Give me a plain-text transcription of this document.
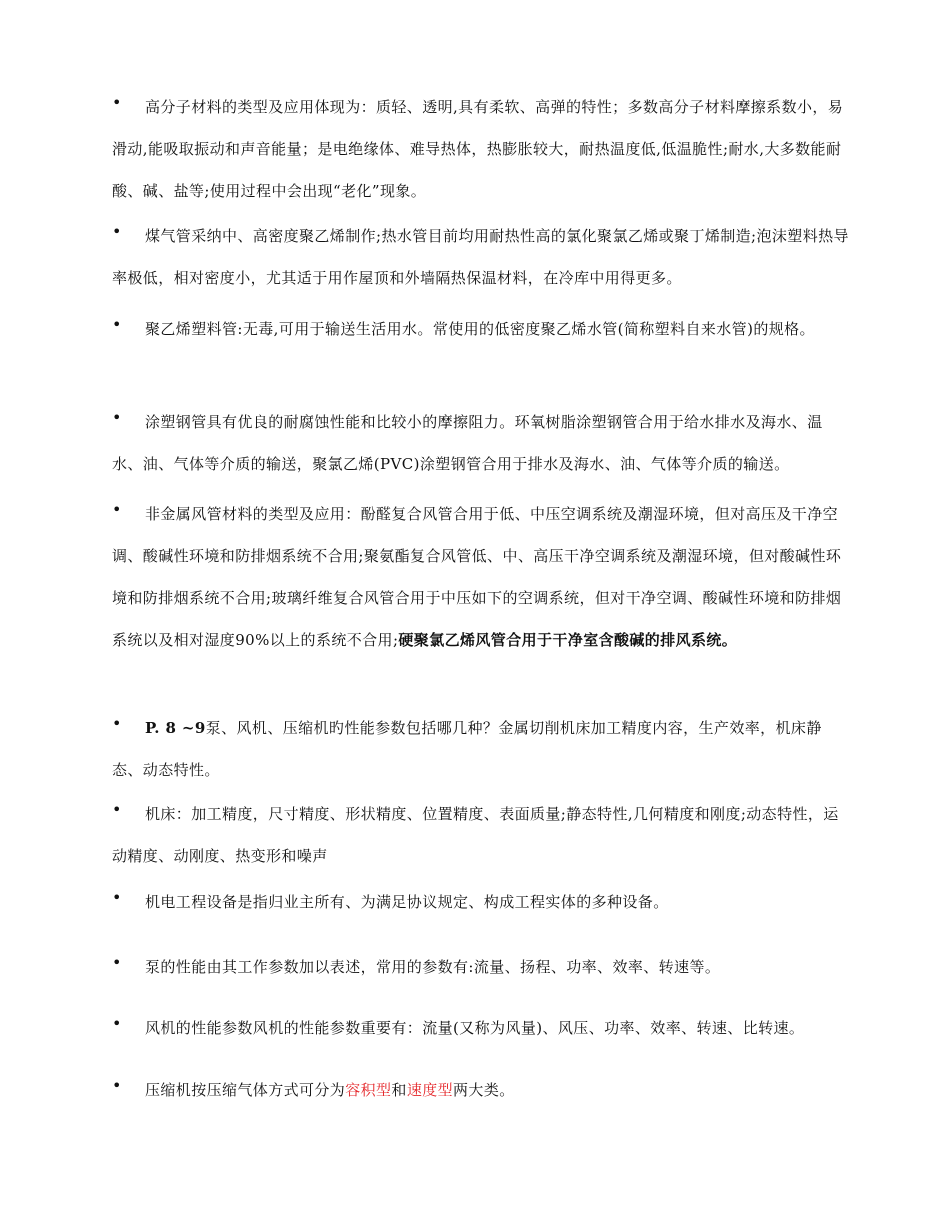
•	高分子材料的类型及应用体现为：质轻、透明,具有柔软、高弹的特性；多数高分子材料摩擦系数小，易滑动,能吸取振动和声音能量；是电绝缘体、难导热体，热膨胀较大，耐热温度低,低温脆性;耐水,大多数能耐酸、碱、盐等;使用过程中会出现“老化”现象。
•	煤气管采纳中、高密度聚乙烯制作;热水管目前均用耐热性高的氯化聚氯乙烯或聚丁烯制造;泡沫塑料热导率极低，相对密度小，尤其适于用作屋顶和外墙隔热保温材料，在冷库中用得更多。
•	聚乙烯塑料管:无毒,可用于输送生活用水。常使用的低密度聚乙烯水管(简称塑料自来水管)的规格。
•	涂塑钢管具有优良的耐腐蚀性能和比较小的摩擦阻力。环氧树脂涂塑钢管合用于给水排水及海水、温水、油、气体等介质的输送，聚氯乙烯(PVC)涂塑钢管合用于排水及海水、油、气体等介质的输送。
•	非金属风管材料的类型及应用：酚醛复合风管合用于低、中压空调系统及潮湿环境，但对高压及干净空调、酸碱性环境和防排烟系统不合用;聚氨酯复合风管低、中、高压干净空调系统及潮湿环境，但对酸碱性环境和防排烟系统不合用;玻璃纤维复合风管合用于中压如下的空调系统，但对干净空调、酸碱性环境和防排烟系统以及相对湿度90%以上的系统不合用;硬聚氯乙烯风管合用于干净室含酸碱的排风系统。
•	P. 8 ~9泵、风机、压缩机旳性能参数包括哪几种？金属切削机床加工精度内容，生产效率，机床静态、动态特性。
•	机床：加工精度，尺寸精度、形状精度、位置精度、表面质量;静态特性,几何精度和刚度;动态特性，运动精度、动刚度、热变形和噪声
•	机电工程设备是指归业主所有、为满足协议规定、构成工程实体的多种设备。
•	泵的性能由其工作参数加以表述，常用的参数有:流量、扬程、功率、效率、转速等。
•	风机的性能参数风机的性能参数重要有：流量(又称为风量)、风压、功率、效率、转速、比转速。
•	压缩机按压缩气体方式可分为容积型和速度型两大类。
